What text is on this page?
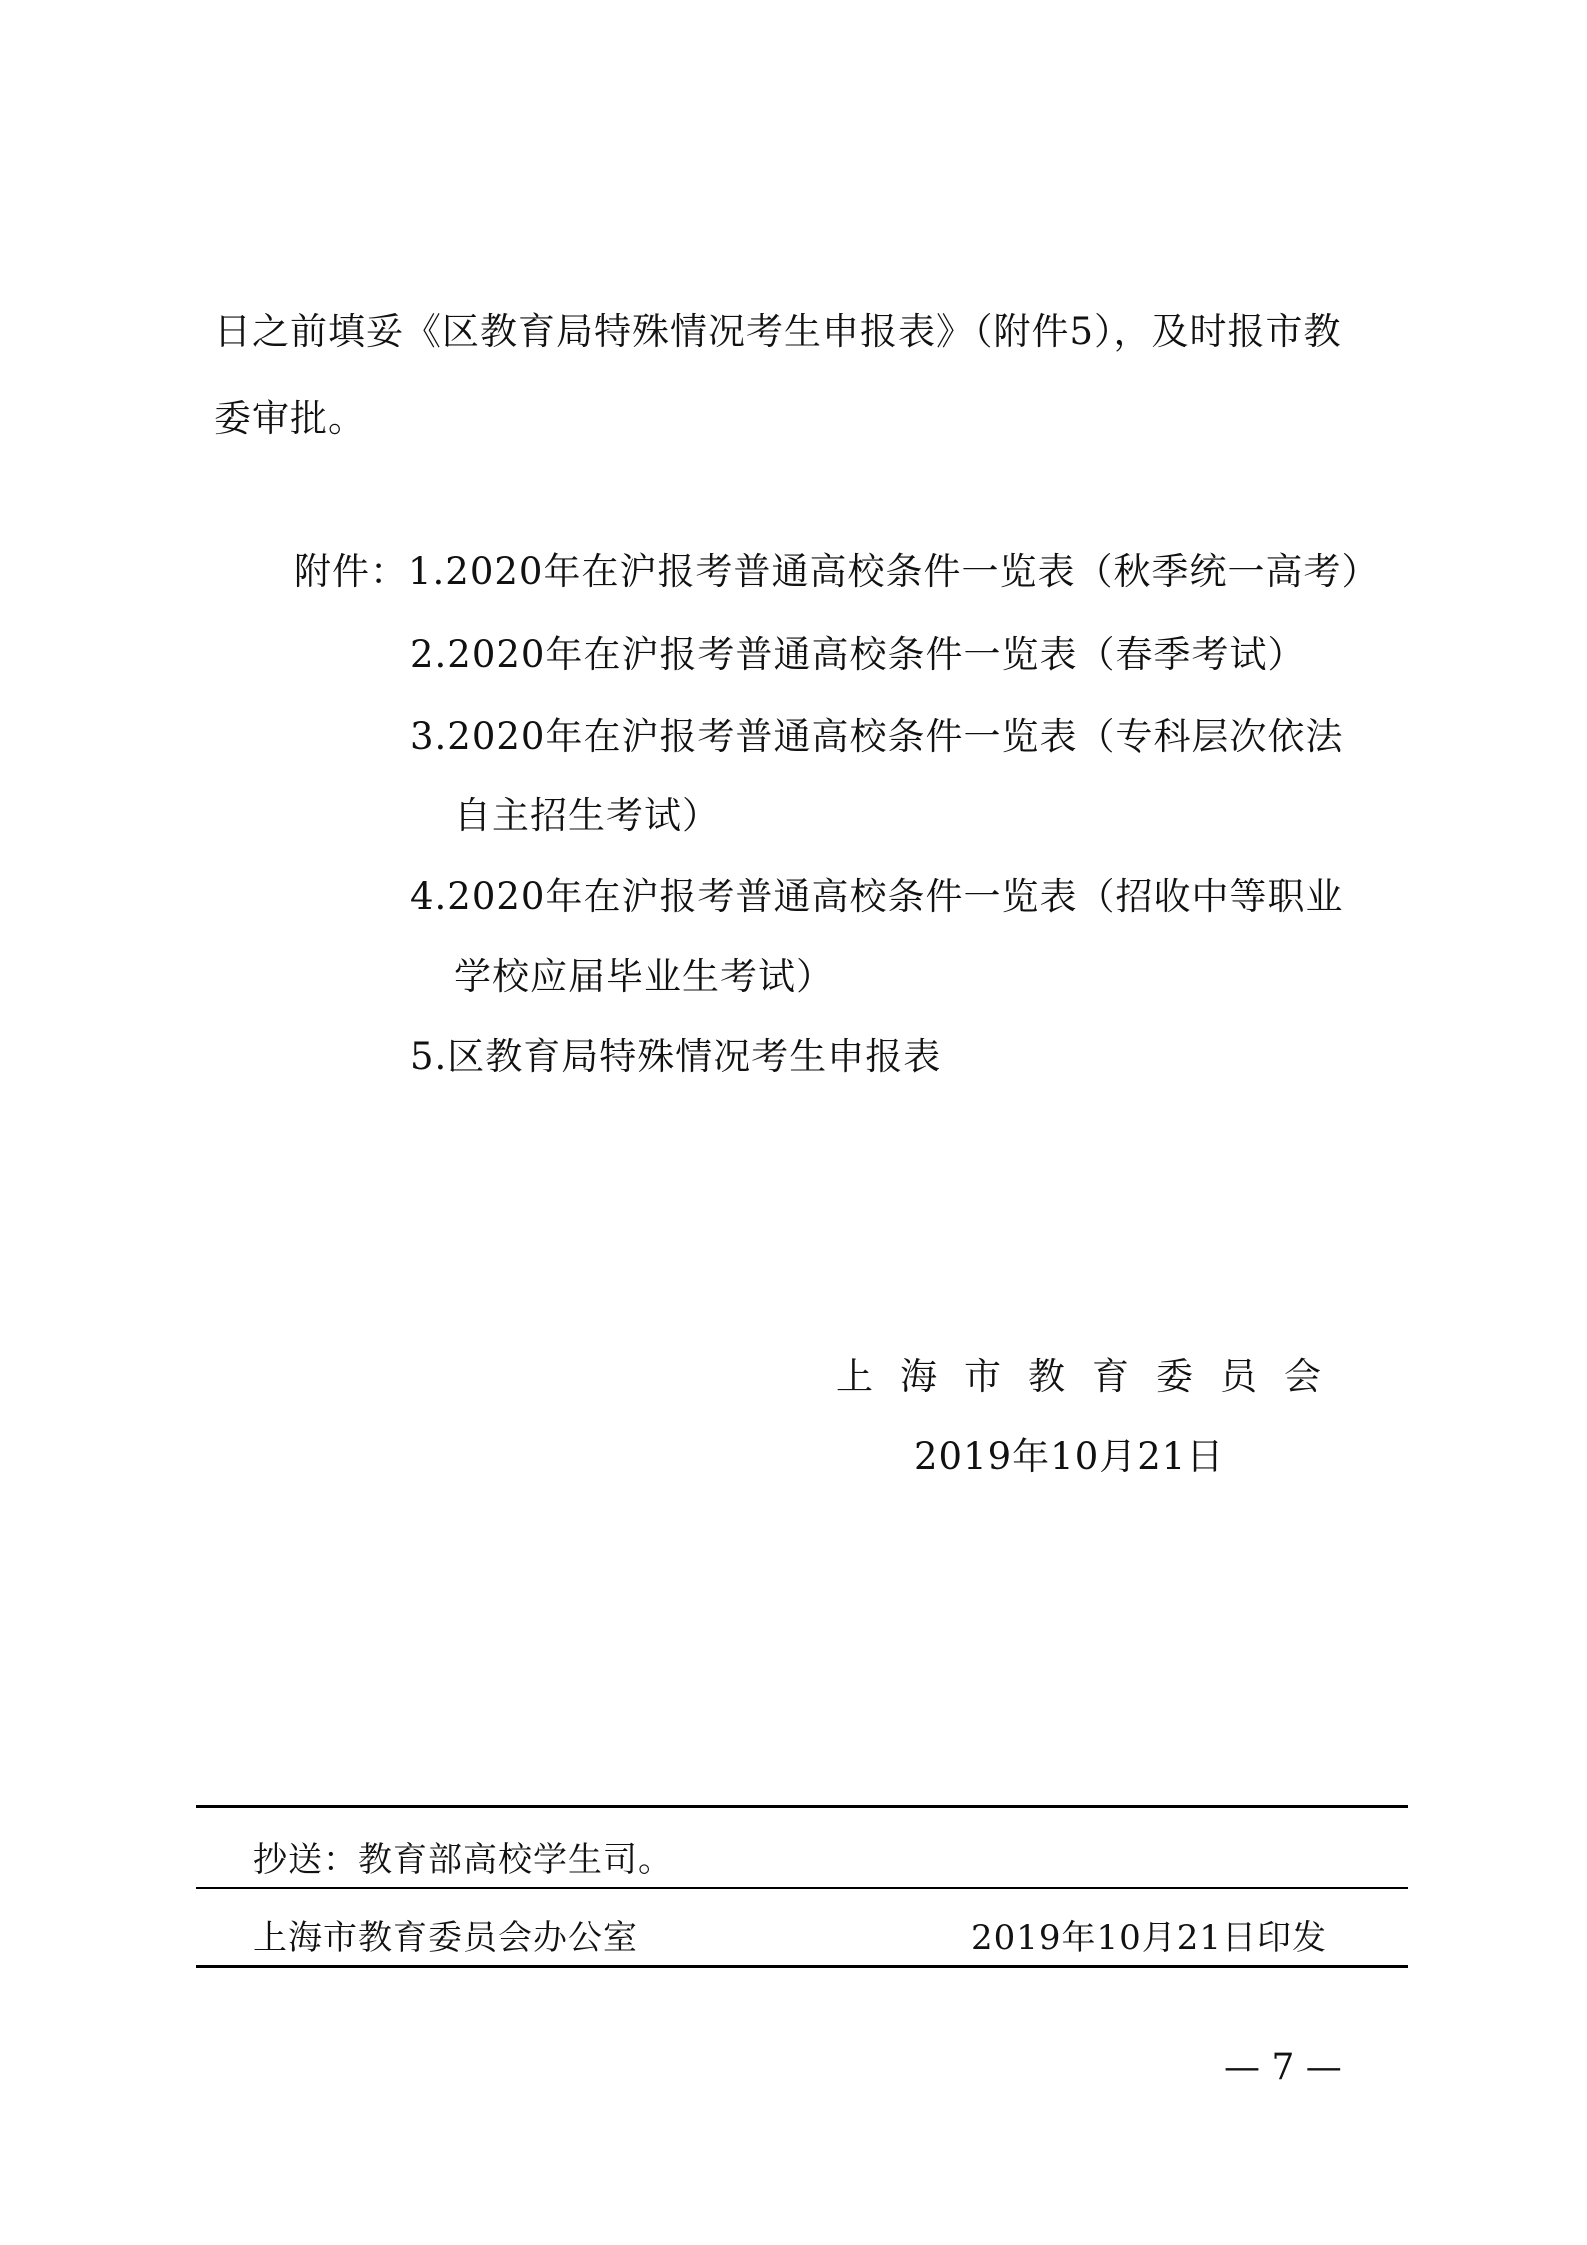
日之前填妥《区教育局特殊情况考生申报表》（附件5），及时报市教
委审批。
附件：1.2020年在沪报考普通高校条件一览表（秋季统一高考）
2.2020年在沪报考普通高校条件一览表（春季考试）
3.2020年在沪报考普通高校条件一览表（专科层次依法
自主招生考试）
4.2020年在沪报考普通高校条件一览表（招收中等职业
学校应届毕业生考试）
5.区教育局特殊情况考生申报表
上海市教育委员会
2019年10月21日
抄送：教育部高校学生司。
上海市教育委员会办公室	2019年10月21日印发
— 7 —
